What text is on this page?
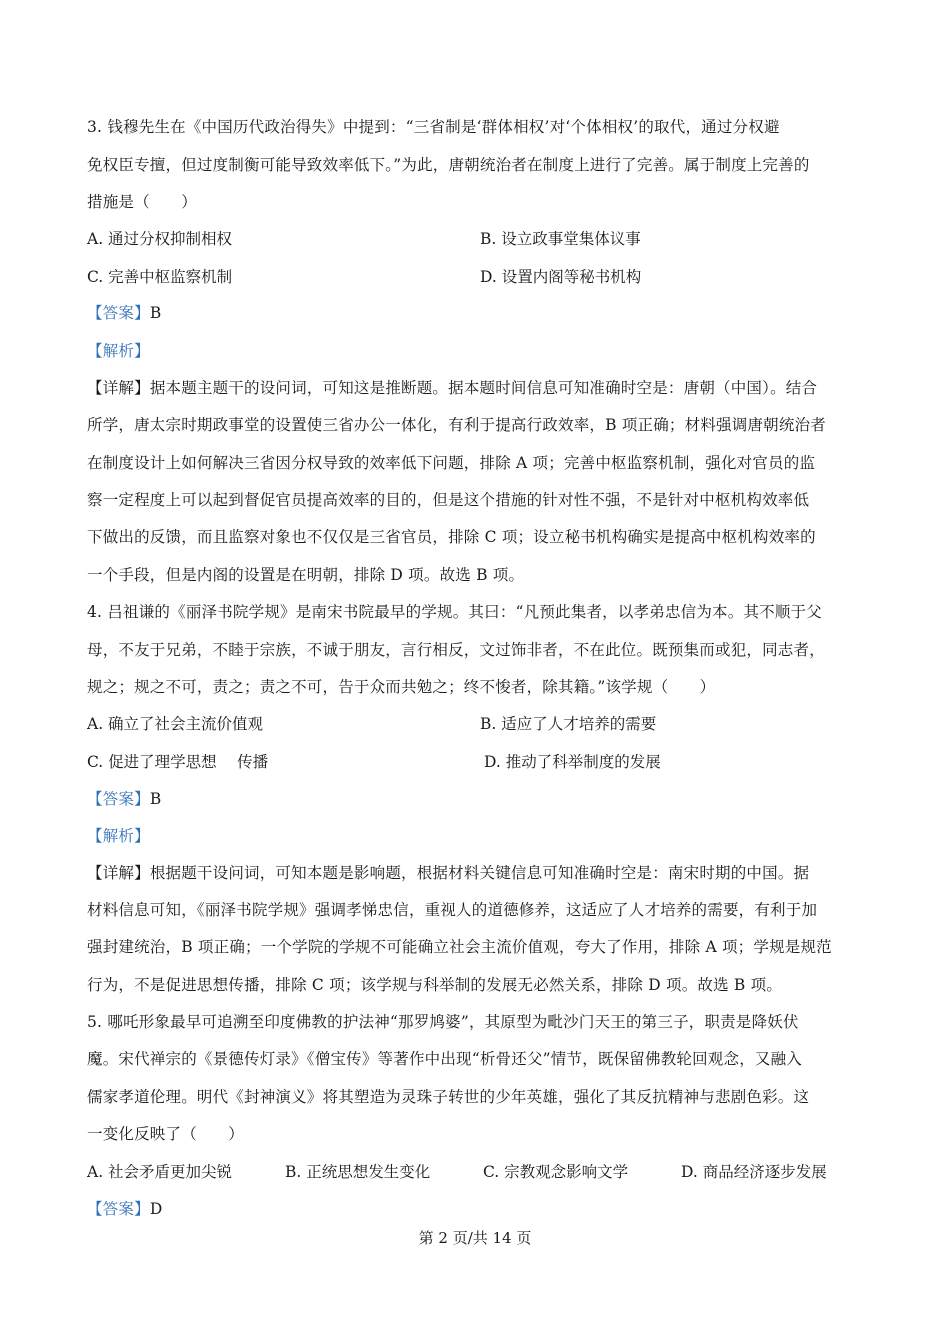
3. 钱穆先生在《中国历代政治得失》中提到：“三省制是‘群体相权’对‘个体相权’的取代，通过分权避
免权臣专擅，但过度制衡可能导致效率低下。”为此，唐朝统治者在制度上进行了完善。属于制度上完善的
措施是（　　）
A. 通过分权抑制相权	B. 设立政事堂集体议事
C. 完善中枢监察机制	D. 设置内阁等秘书机构
【答案】B
【解析】
【详解】据本题主题干的设问词，可知这是推断题。据本题时间信息可知准确时空是：唐朝（中国）。结合
所学，唐太宗时期政事堂的设置使三省办公一体化，有利于提高行政效率，B 项正确；材料强调唐朝统治者
在制度设计上如何解决三省因分权导致的效率低下问题，排除 A 项；完善中枢监察机制，强化对官员的监
察一定程度上可以起到督促官员提高效率的目的，但是这个措施的针对性不强，不是针对中枢机构效率低
下做出的反馈，而且监察对象也不仅仅是三省官员，排除 C 项；设立秘书机构确实是提高中枢机构效率的
一个手段，但是内阁的设置是在明朝，排除 D 项。故选 B 项。
4. 吕祖谦的《丽泽书院学规》是南宋书院最早的学规。其曰：“凡预此集者，以孝弟忠信为本。其不顺于父
母，不友于兄弟，不睦于宗族，不诚于朋友，言行相反，文过饰非者，不在此位。既预集而或犯，同志者，
规之；规之不可，责之；责之不可，告于众而共勉之；终不悛者，除其籍。”该学规（　　）
A. 确立了社会主流价值观	B. 适应了人才培养的需要
C. 促进了理学思想　 传播	D. 推动了科举制度的发展
【答案】B
【解析】
【详解】根据题干设问词，可知本题是影响题，根据材料关键信息可知准确时空是：南宋时期的中国。据
材料信息可知，《丽泽书院学规》强调孝悌忠信，重视人的道德修养，这适应了人才培养的需要，有利于加
强封建统治，B 项正确；一个学院的学规不可能确立社会主流价值观，夸大了作用，排除 A 项；学规是规范
行为，不是促进思想传播，排除 C 项；该学规与科举制的发展无必然关系，排除 D 项。故选 B 项。
5. 哪吒形象最早可追溯至印度佛教的护法神“那罗鸠婆”，其原型为毗沙门天王的第三子，职责是降妖伏
魔。宋代禅宗的《景德传灯录》《僧宝传》等著作中出现“析骨还父”情节，既保留佛教轮回观念，又融入
儒家孝道伦理。明代《封神演义》将其塑造为灵珠子转世的少年英雄，强化了其反抗精神与悲剧色彩。这
一变化反映了（　　）
A. 社会矛盾更加尖锐	B. 正统思想发生变化	C. 宗教观念影响文学	D. 商品经济逐步发展
【答案】D
第 2 页/共 14 页
